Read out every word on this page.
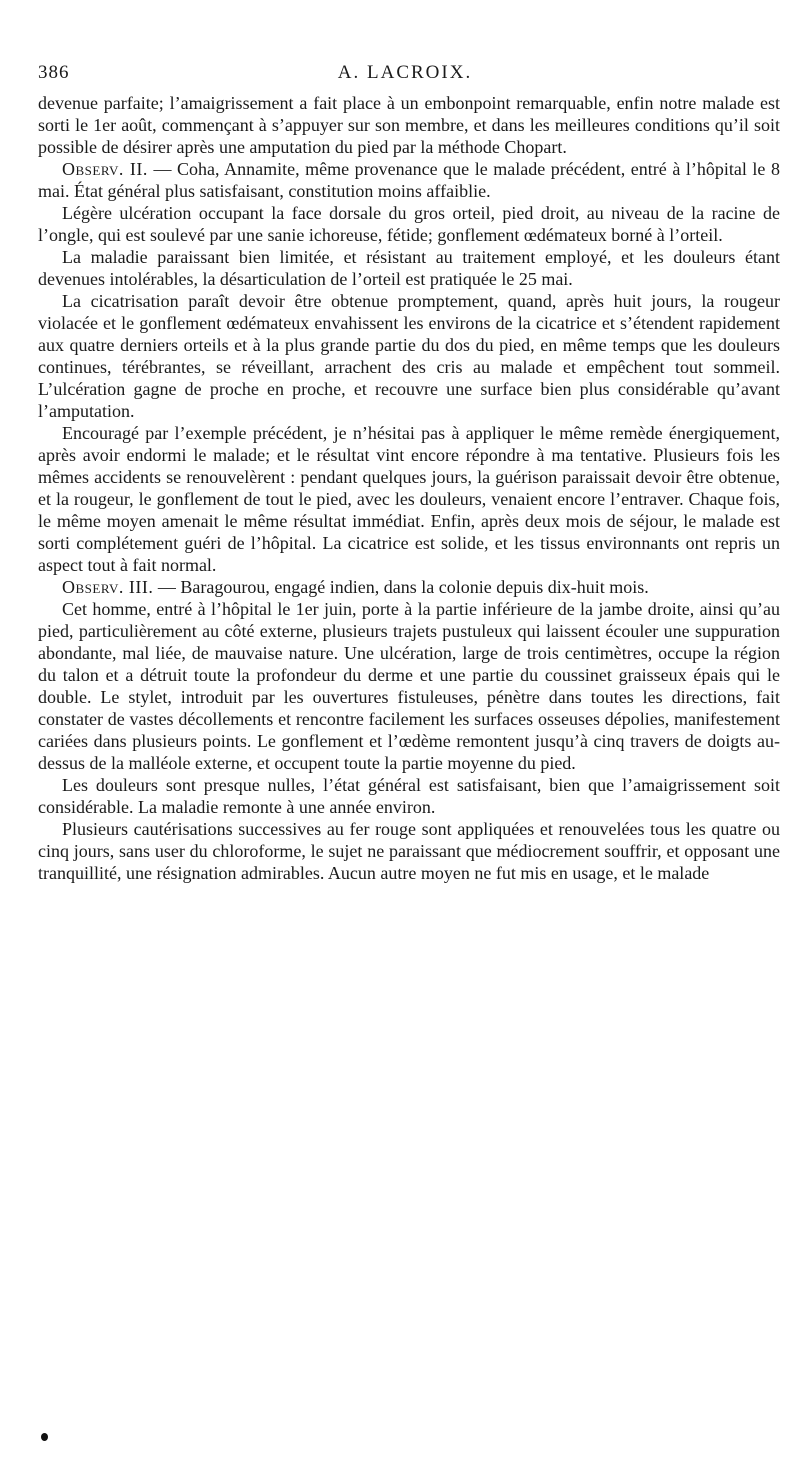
386	A. LACROIX.

devenue parfaite; l’amaigrissement a fait place à un embonpoint remarquable, enfin notre malade est sorti le 1er août, commençant à s’appuyer sur son membre, et dans les meilleures conditions qu’il soit possible de désirer après une amputation du pied par la méthode Chopart.

Observ. II. — Coha, Annamite, même provenance que le malade précédent, entré à l’hôpital le 8 mai. État général plus satisfaisant, constitution moins affaiblie.

Légère ulcération occupant la face dorsale du gros orteil, pied droit, au niveau de la racine de l’ongle, qui est soulevé par une sanie ichoreuse, fétide; gonflement œdémateux borné à l’orteil.

La maladie paraissant bien limitée, et résistant au traitement employé, et les douleurs étant devenues intolérables, la désarticulation de l’orteil est pratiquée le 25 mai.

La cicatrisation paraît devoir être obtenue promptement, quand, après huit jours, la rougeur violacée et le gonflement œdémateux envahissent les environs de la cicatrice et s’étendent rapidement aux quatre derniers orteils et à la plus grande partie du dos du pied, en même temps que les douleurs continues, térébrantes, se réveillant, arrachent des cris au malade et empêchent tout sommeil. L’ulcération gagne de proche en proche, et recouvre une surface bien plus considérable qu’avant l’amputation.

Encouragé par l’exemple précédent, je n’hésitai pas à appliquer le même remède énergiquement, après avoir endormi le malade; et le résultat vint encore répondre à ma tentative. Plusieurs fois les mêmes accidents se renouvelèrent : pendant quelques jours, la guérison paraissait devoir être obtenue, et la rougeur, le gonflement de tout le pied, avec les douleurs, venaient encore l’entraver. Chaque fois, le même moyen amenait le même résultat immédiat. Enfin, après deux mois de séjour, le malade est sorti complétement guéri de l’hôpital. La cicatrice est solide, et les tissus environnants ont repris un aspect tout à fait normal.

Observ. III. — Baragourou, engagé indien, dans la colonie depuis dix-huit mois.

Cet homme, entré à l’hôpital le 1er juin, porte à la partie inférieure de la jambe droite, ainsi qu’au pied, particulièrement au côté externe, plusieurs trajets pustuleux qui laissent écouler une suppuration abondante, mal liée, de mauvaise nature. Une ulcération, large de trois centimètres, occupe la région du talon et a détruit toute la profondeur du derme et une partie du coussinet graisseux épais qui le double. Le stylet, introduit par les ouvertures fistuleuses, pénètre dans toutes les directions, fait constater de vastes décollements et rencontre facilement les surfaces osseuses dépolies, manifestement cariées dans plusieurs points. Le gonflement et l’œdème remontent jusqu’à cinq travers de doigts au-dessus de la malléole externe, et occupent toute la partie moyenne du pied.

Les douleurs sont presque nulles, l’état général est satisfaisant, bien que l’amaigrissement soit considérable. La maladie remonte à une année environ.

Plusieurs cautérisations successives au fer rouge sont appliquées et renouvelées tous les quatre ou cinq jours, sans user du chloroforme, le sujet ne paraissant que médiocrement souffrir, et opposant une tranquillité, une résignation admirables. Aucun autre moyen ne fut mis en usage, et le malade
